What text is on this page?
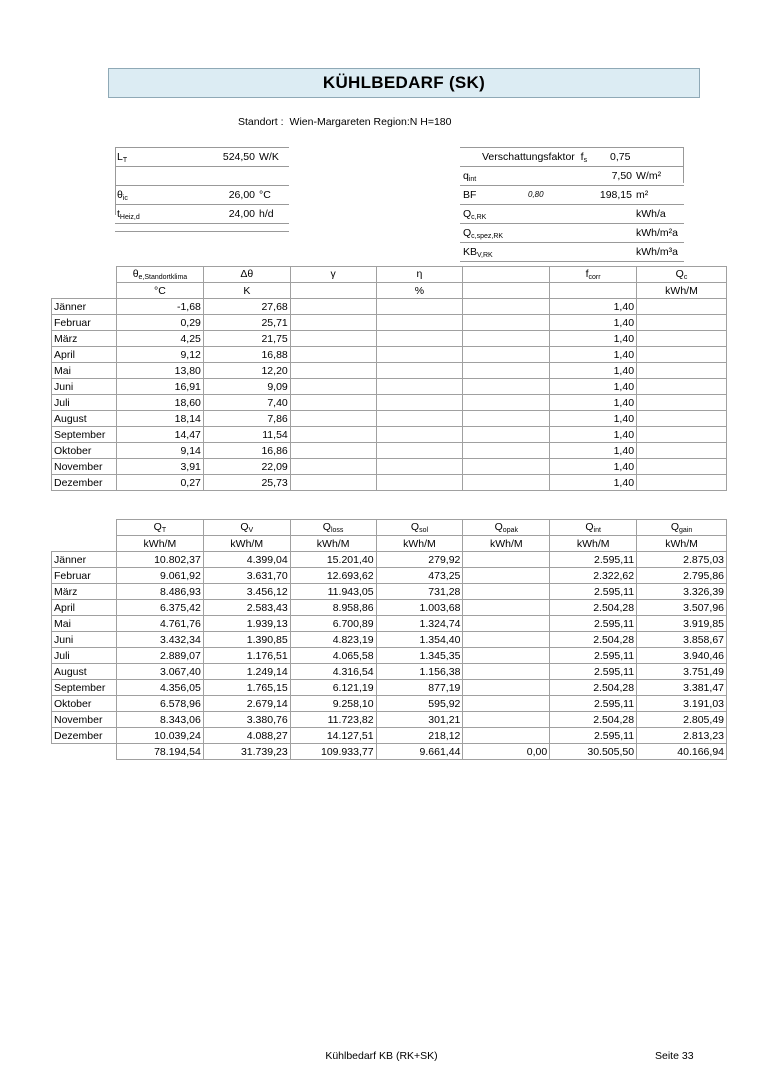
KÜHLBEDARF (SK)
Standort : Wien-Margareten Region:N H=180
$L_T$	524,50 W/K
$\theta_{ic}$	26,00 °C
$t_{Heiz,d}$	24,00 h/d
Verschattungsfaktor $f_s$ 0,75
$q_{int}$	7,50 W/m²
BF	0,80	198,15 m²
$Q_{c,RK}$	kWh/a
$Q_{c,spez,RK}$	kWh/m²a
$KB_{V,RK}$	kWh/m³a
	$\theta_{e,Standortklima}$	Δθ	γ	η		$f_{corr}$	$Q_c$
	°C	K		%			kWh/M
Jänner	-1,68	27,68				1,40	
Februar	0,29	25,71				1,40	
März	4,25	21,75				1,40	
April	9,12	16,88				1,40	
Mai	13,80	12,20				1,40	
Juni	16,91	9,09				1,40	
Juli	18,60	7,40				1,40	
August	18,14	7,86				1,40	
September	14,47	11,54				1,40	
Oktober	9,14	16,86				1,40	
November	3,91	22,09				1,40	
Dezember	0,27	25,73				1,40	
	$Q_T$	$Q_V$	$Q_{loss}$	$Q_{sol}$	$Q_{opak}$	$Q_{int}$	$Q_{gain}$
	kWh/M	kWh/M	kWh/M	kWh/M	kWh/M	kWh/M	kWh/M
Jänner	10.802,37	4.399,04	15.201,40	279,92		2.595,11	2.875,03
Februar	9.061,92	3.631,70	12.693,62	473,25		2.322,62	2.795,86
März	8.486,93	3.456,12	11.943,05	731,28		2.595,11	3.326,39
April	6.375,42	2.583,43	8.958,86	1.003,68		2.504,28	3.507,96
Mai	4.761,76	1.939,13	6.700,89	1.324,74		2.595,11	3.919,85
Juni	3.432,34	1.390,85	4.823,19	1.354,40		2.504,28	3.858,67
Juli	2.889,07	1.176,51	4.065,58	1.345,35		2.595,11	3.940,46
August	3.067,40	1.249,14	4.316,54	1.156,38		2.595,11	3.751,49
September	4.356,05	1.765,15	6.121,19	877,19		2.504,28	3.381,47
Oktober	6.578,96	2.679,14	9.258,10	595,92		2.595,11	3.191,03
November	8.343,06	3.380,76	11.723,82	301,21		2.504,28	2.805,49
Dezember	10.039,24	4.088,27	14.127,51	218,12		2.595,11	2.813,23
	78.194,54	31.739,23	109.933,77	9.661,44	0,00	30.505,50	40.166,94
Kühlbedarf KB (RK+SK)	Seite 33
